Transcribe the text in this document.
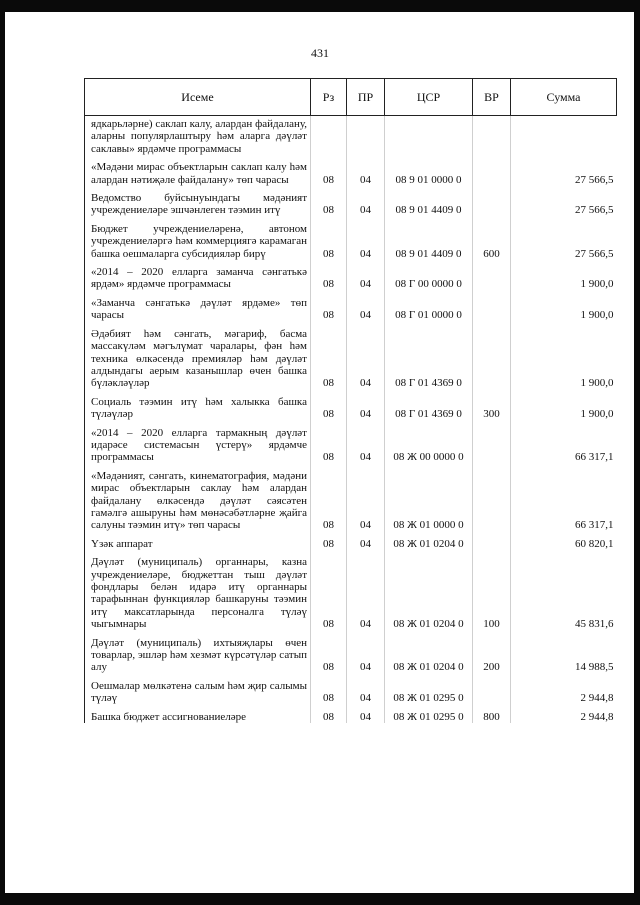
431
Исеме	Рз	ПР	ЦСР	ВР	Сумма
ядкарьләрне) саклап калу, алардан файдалану, аларны популярлаштыру һәм аларга дәүләт саклавы» ярдәмче программасы					
«Мәдәни мирас объектларын саклап калу һәм алардан нәтиҗәле файдалану» төп чарасы	08	04	08 9 01 0000 0		27 566,5
Ведомство буйсынуындагы мәдәният учреждениеләре эшчәнлеген тәэмин итү	08	04	08 9 01 4409 0		27 566,5
Бюджет учреждениеләренә, автоном учреждениеләргә һәм коммерциягә карамаган башка оешмаларга субсидияләр бирү	08	04	08 9 01 4409 0	600	27 566,5
«2014 – 2020 елларга заманча сәнгатькә ярдәм» ярдәмче программасы	08	04	08 Г 00 0000 0		1 900,0
«Заманча сәнгатькә дәүләт ярдәме» төп чарасы	08	04	08 Г 01 0000 0		1 900,0
Әдәбият һәм сәнгать, мәгариф, басма массакүләм мәгълүмат чаралары, фән һәм техника өлкәсендә премияләр һәм дәүләт алдындагы аерым казанышлар өчен башка бүләкләүләр	08	04	08 Г 01 4369 0		1 900,0
Социаль тәэмин итү һәм халыкка башка түләүләр	08	04	08 Г 01 4369 0	300	1 900,0
«2014 – 2020 елларга тармакның дәүләт идарәсе системасын үстерү» ярдәмче программасы	08	04	08 Ж 00 0000 0		66 317,1
«Мәдәният, сәнгать, кинематография, мәдәни мирас объектларын саклау һәм алардан файдалану өлкәсендә дәүләт сәясәтен гамәлгә ашыруны һәм мөнәсәбәтләрне җайга салуны тәэмин итү» төп чарасы	08	04	08 Ж 01 0000 0		66 317,1
Үзәк аппарат	08	04	08 Ж 01 0204 0		60 820,1
Дәүләт (муниципаль) органнары, казна учреждениеләре, бюджеттан тыш дәүләт фондлары белән идарә итү органнары тарафыннан функцияләр башкаруны тәэмин итү максатларында персоналга түләү чыгымнары	08	04	08 Ж 01 0204 0	100	45 831,6
Дәүләт (муниципаль) ихтыяҗлары өчен товарлар, эшләр һәм хезмәт күрсәтүләр сатып алу	08	04	08 Ж 01 0204 0	200	14 988,5
Оешмалар мөлкәтенә салым һәм җир салымы түләү	08	04	08 Ж 01 0295 0		2 944,8
Башка бюджет ассигнованиеләре	08	04	08 Ж 01 0295 0	800	2 944,8
